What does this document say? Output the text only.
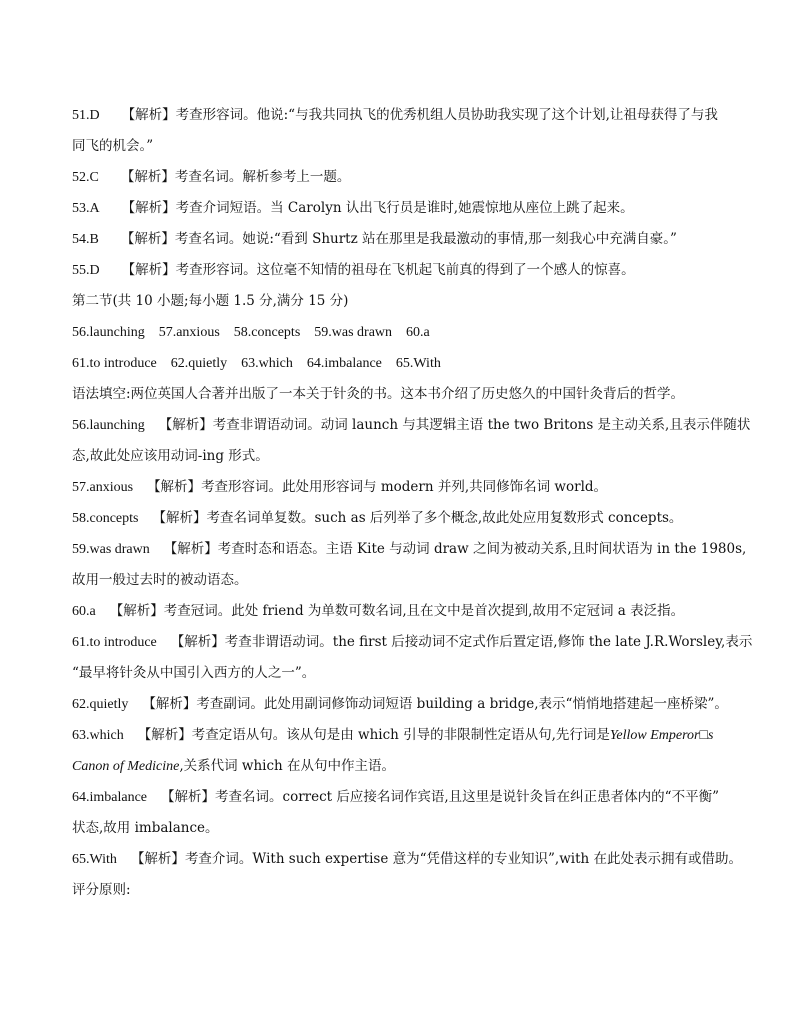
51.D 【解析】考查形容词。他说:“与我共同执飞的优秀机组人员协助我实现了这个计划,让祖母获得了与我
同飞的机会。”
52.C 【解析】考查名词。解析参考上一题。
53.A 【解析】考查介词短语。当 Carolyn 认出飞行员是谁时,她震惊地从座位上跳了起来。
54.B 【解析】考查名词。她说:“看到 Shurtz 站在那里是我最激动的事情,那一刻我心中充满自豪。”
55.D 【解析】考查形容词。这位毫不知情的祖母在飞机起飞前真的得到了一个感人的惊喜。
第二节(共 10 小题;每小题 1.5 分,满分 15 分)
56.launching 57.anxious 58.concepts 59.was drawn 60.a
61.to introduce 62.quietly 63.which 64.imbalance 65.With
语法填空:两位英国人合著并出版了一本关于针灸的书。这本书介绍了历史悠久的中国针灸背后的哲学。
56.launching 【解析】考查非谓语动词。动词 launch 与其逻辑主语 the two Britons 是主动关系,且表示伴随状
态,故此处应该用动词-ing 形式。
57.anxious 【解析】考查形容词。此处用形容词与 modern 并列,共同修饰名词 world。
58.concepts 【解析】考查名词单复数。such as 后列举了多个概念,故此处应用复数形式 concepts。
59.was drawn 【解析】考查时态和语态。主语 Kite 与动词 draw 之间为被动关系,且时间状语为 in the 1980s,
故用一般过去时的被动语态。
60.a 【解析】考查冠词。此处 friend 为单数可数名词,且在文中是首次提到,故用不定冠词 a 表泛指。
61.to introduce 【解析】考查非谓语动词。the first 后接动词不定式作后置定语,修饰 the late J.R.Worsley,表示
“最早将针灸从中国引入西方的人之一”。
62.quietly 【解析】考查副词。此处用副词修饰动词短语 building a bridge,表示“悄悄地搭建起一座桥梁”。
63.which 【解析】考查定语从句。该从句是由 which 引导的非限制性定语从句,先行词是Yellow Emperor□s
Canon of Medicine,关系代词 which 在从句中作主语。
64.imbalance 【解析】考查名词。correct 后应接名词作宾语,且这里是说针灸旨在纠正患者体内的“不平衡”
状态,故用 imbalance。
65.With 【解析】考查介词。With such expertise 意为“凭借这样的专业知识”,with 在此处表示拥有或借助。
评分原则:
